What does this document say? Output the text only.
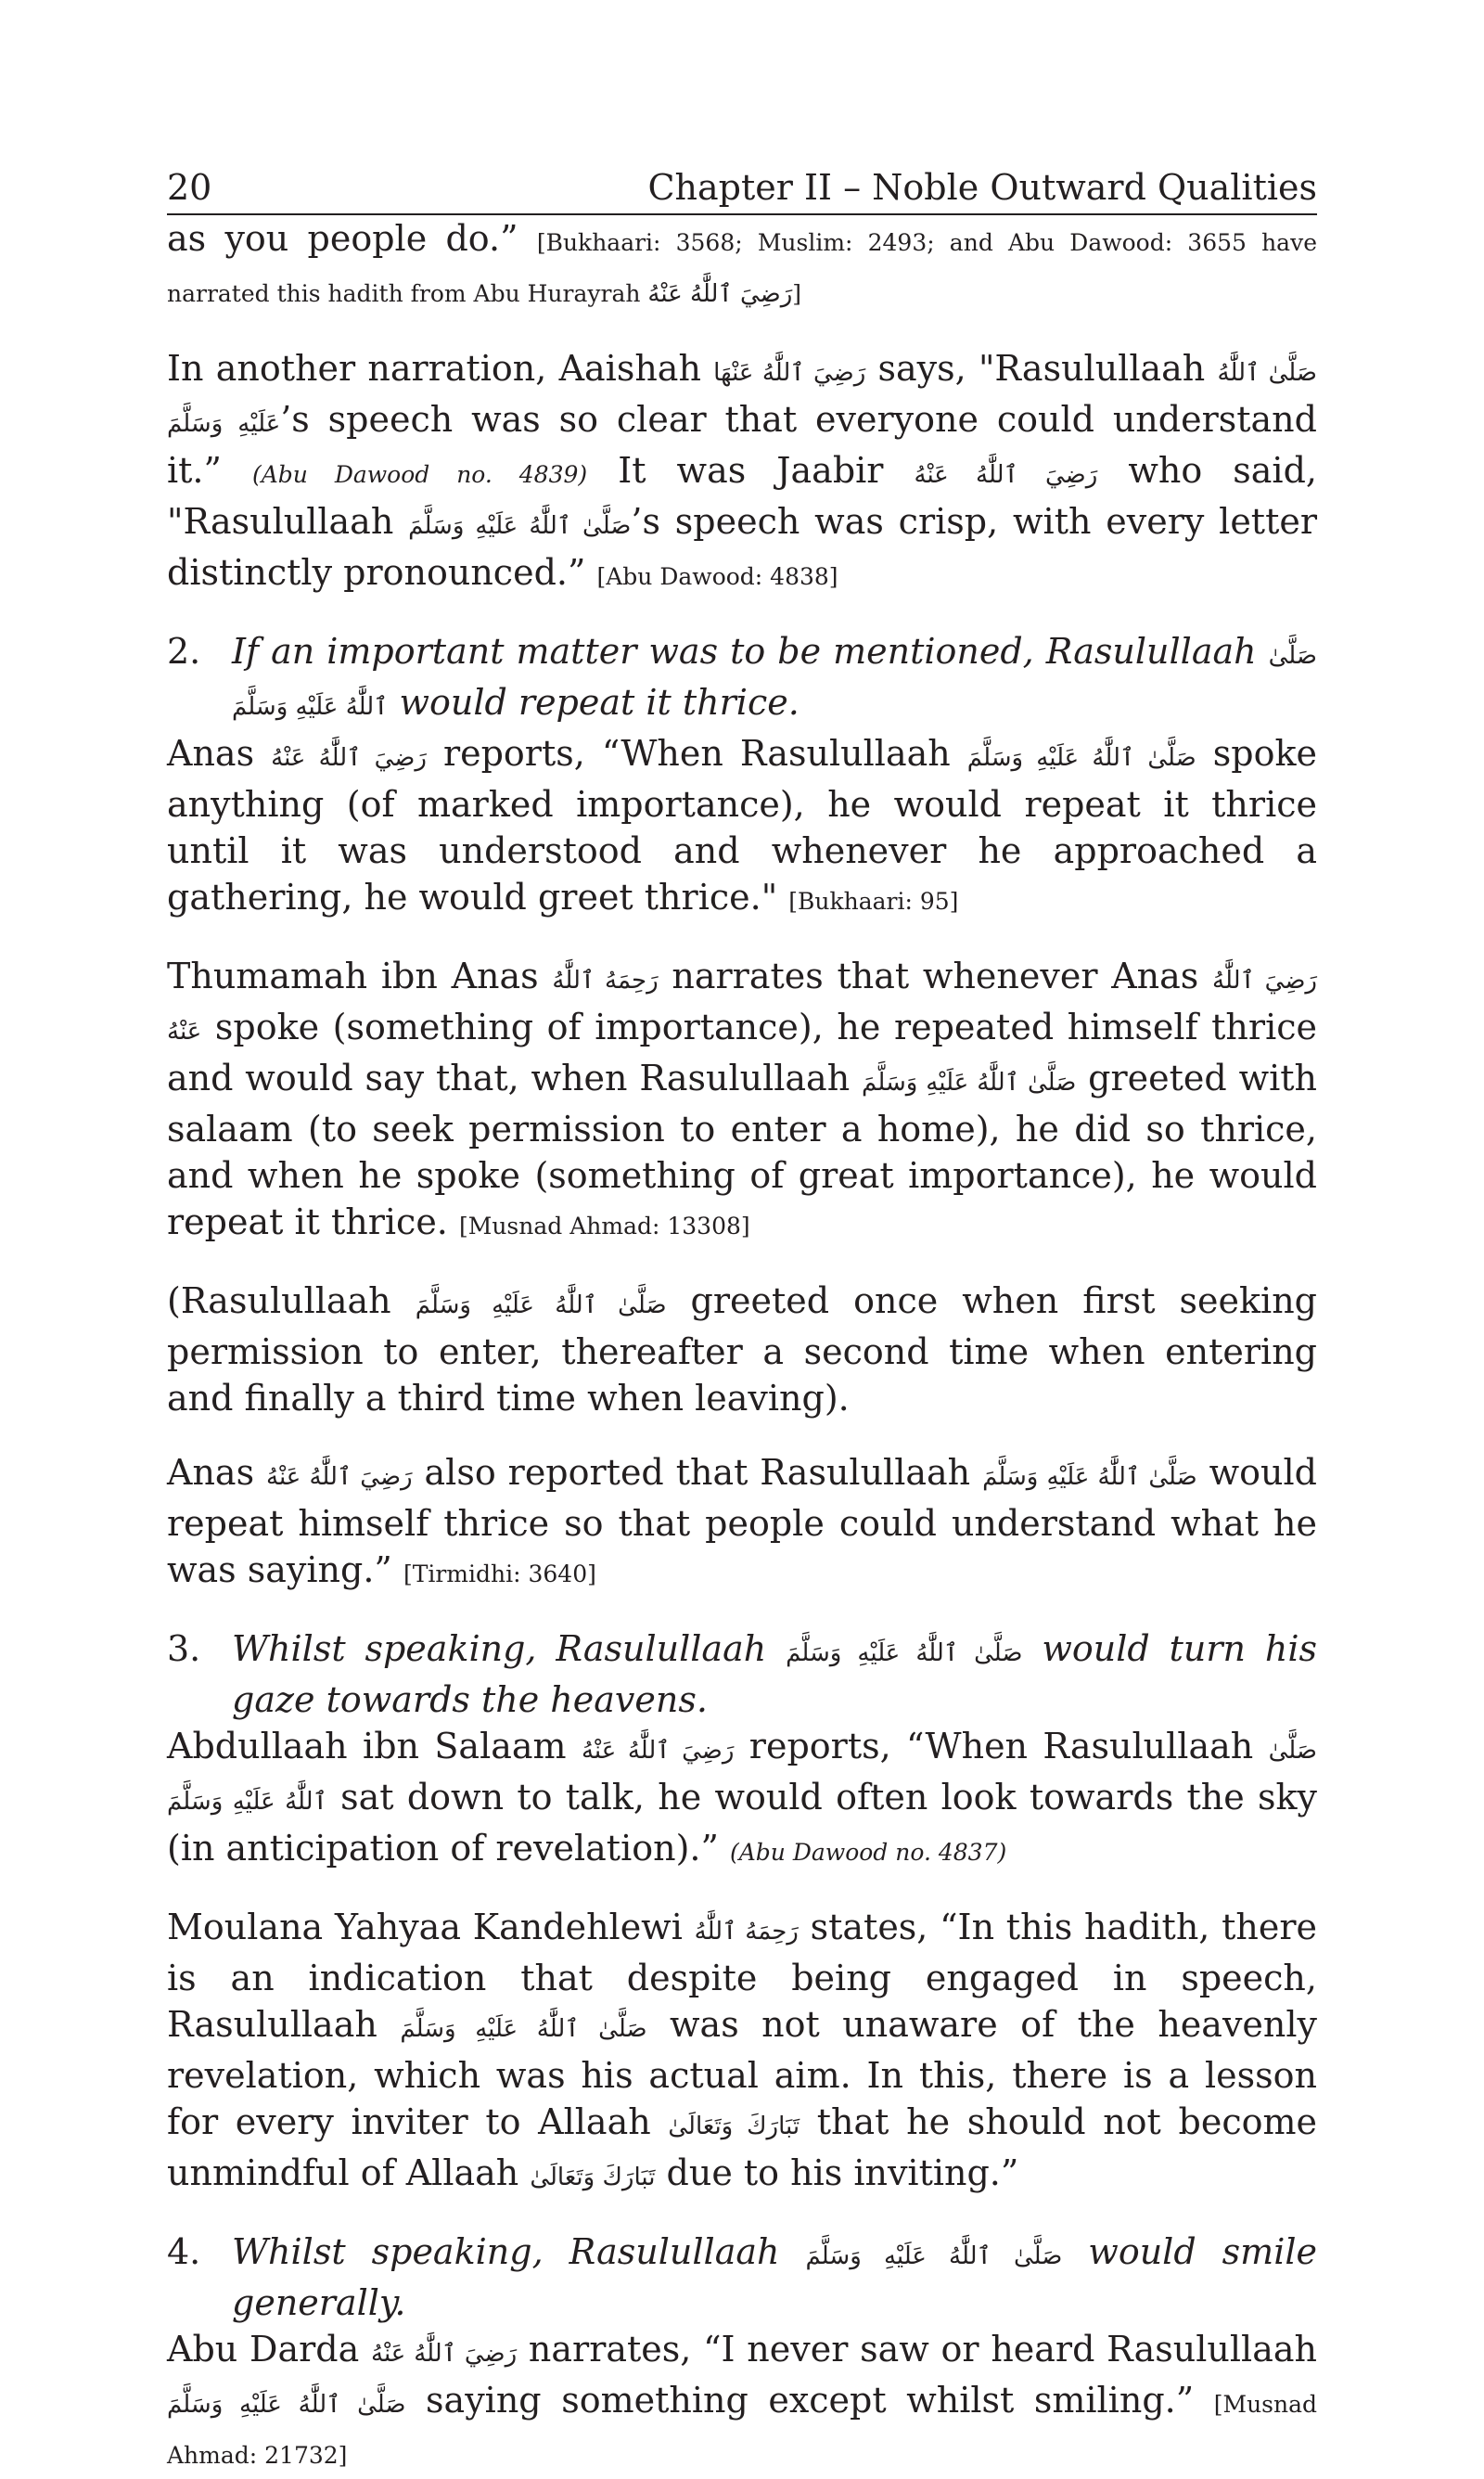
20	Chapter II – Noble Outward Qualities

as you people do.” [Bukhaari: 3568; Muslim: 2493; and Abu Dawood: 3655 have narrated this hadith from Abu Hurayrah رَضِيَ ٱللَّٰهُ عَنْهُ]

In another narration, Aaishah رَضِيَ ٱللَّٰهُ عَنْهَا says, "Rasulullaah صَلَّىٰ ٱللَّٰهُ عَلَيْهِ وَسَلَّمَ’s speech was so clear that everyone could understand it.” (Abu Dawood no. 4839) It was Jaabir رَضِيَ ٱللَّٰهُ عَنْهُ who said, "Rasulullaah صَلَّىٰ ٱللَّٰهُ عَلَيْهِ وَسَلَّمَ’s speech was crisp, with every letter distinctly pronounced.” [Abu Dawood: 4838]

2. If an important matter was to be mentioned, Rasulullaah صَلَّىٰ ٱللَّٰهُ عَلَيْهِ وَسَلَّمَ would repeat it thrice.

Anas رَضِيَ ٱللَّٰهُ عَنْهُ reports, “When Rasulullaah صَلَّىٰ ٱللَّٰهُ عَلَيْهِ وَسَلَّمَ spoke anything (of marked importance), he would repeat it thrice until it was understood and whenever he approached a gathering, he would greet thrice." [Bukhaari: 95]

Thumamah ibn Anas رَحِمَهُ ٱللَّٰهُ narrates that whenever Anas رَضِيَ ٱللَّٰهُ عَنْهُ spoke (something of importance), he repeated himself thrice and would say that, when Rasulullaah صَلَّىٰ ٱللَّٰهُ عَلَيْهِ وَسَلَّمَ greeted with salaam (to seek permission to enter a home), he did so thrice, and when he spoke (something of great importance), he would repeat it thrice. [Musnad Ahmad: 13308]

(Rasulullaah صَلَّىٰ ٱللَّٰهُ عَلَيْهِ وَسَلَّمَ greeted once when first seeking permission to enter, thereafter a second time when entering and finally a third time when leaving).

Anas رَضِيَ ٱللَّٰهُ عَنْهُ also reported that Rasulullaah صَلَّىٰ ٱللَّٰهُ عَلَيْهِ وَسَلَّمَ would repeat himself thrice so that people could understand what he was saying.” [Tirmidhi: 3640]

3. Whilst speaking, Rasulullaah صَلَّىٰ ٱللَّٰهُ عَلَيْهِ وَسَلَّمَ would turn his gaze towards the heavens.

Abdullaah ibn Salaam رَضِيَ ٱللَّٰهُ عَنْهُ reports, “When Rasulullaah صَلَّىٰ ٱللَّٰهُ عَلَيْهِ وَسَلَّمَ sat down to talk, he would often look towards the sky (in anticipation of revelation).” (Abu Dawood no. 4837)

Moulana Yahyaa Kandehlewi رَحِمَهُ ٱللَّٰهُ states, “In this hadith, there is an indication that despite being engaged in speech, Rasulullaah صَلَّىٰ ٱللَّٰهُ عَلَيْهِ وَسَلَّمَ was not unaware of the heavenly revelation, which was his actual aim. In this, there is a lesson for every inviter to Allaah تَبَارَكَ وَتَعَالَىٰ that he should not become unmindful of Allaah تَبَارَكَ وَتَعَالَىٰ due to his inviting.”

4. Whilst speaking, Rasulullaah صَلَّىٰ ٱللَّٰهُ عَلَيْهِ وَسَلَّمَ would smile generally.

Abu Darda رَضِيَ ٱللَّٰهُ عَنْهُ narrates, “I never saw or heard Rasulullaah صَلَّىٰ ٱللَّٰهُ عَلَيْهِ وَسَلَّمَ saying something except whilst smiling.” [Musnad Ahmad: 21732]
